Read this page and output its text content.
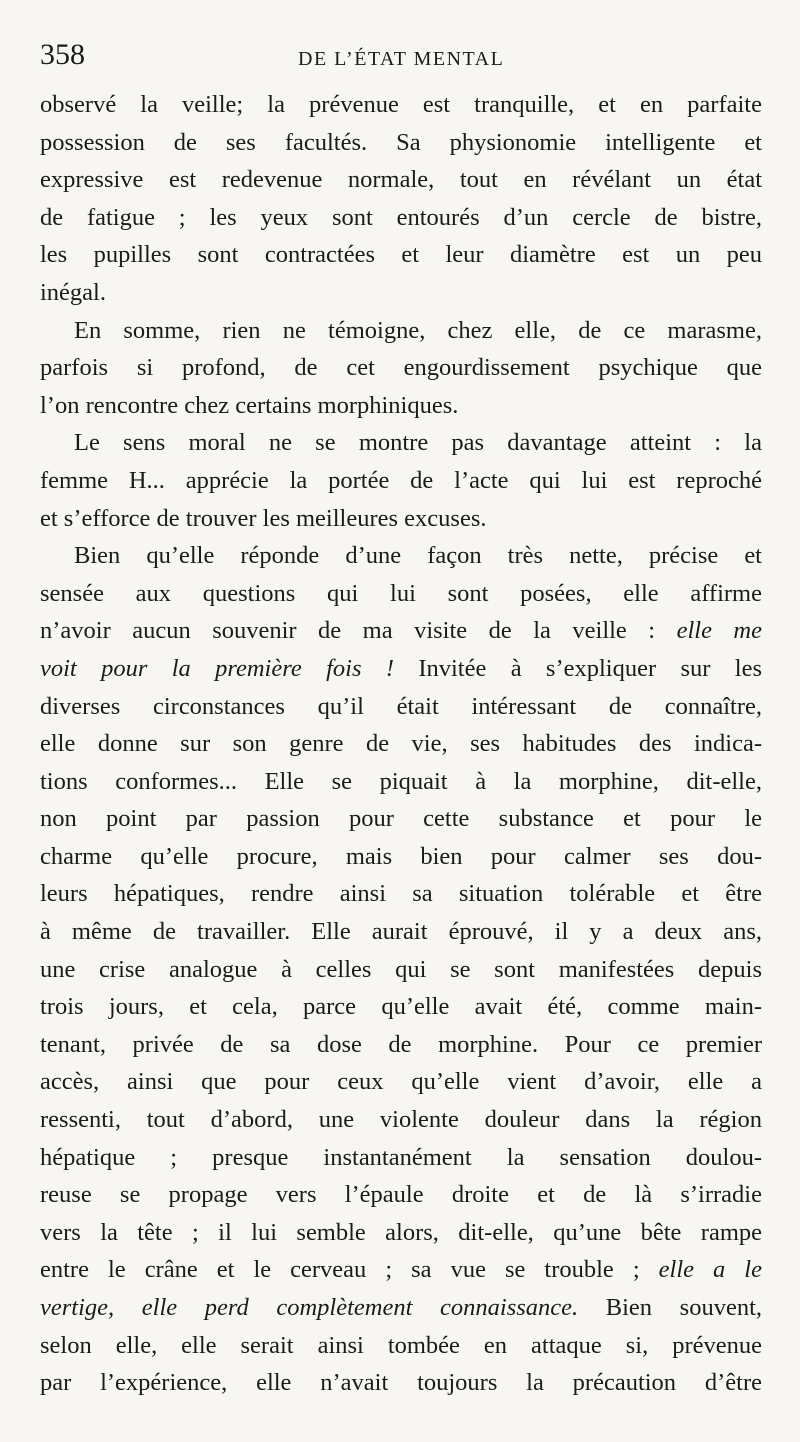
358	DE L’ÉTAT MENTAL
observé la veille; la prévenue est tranquille, et en parfaite
possession de ses facultés. Sa physionomie intelligente et
expressive est redevenue normale, tout en révélant un état
de fatigue ; les yeux sont entourés d’un cercle de bistre,
les pupilles sont contractées et leur diamètre est un peu
inégal.
En somme, rien ne témoigne, chez elle, de ce marasme,
parfois si profond, de cet engourdissement psychique que
l’on rencontre chez certains morphiniques.
Le sens moral ne se montre pas davantage atteint : la
femme H... apprécie la portée de l’acte qui lui est reproché
et s’efforce de trouver les meilleures excuses.
Bien qu’elle réponde d’une façon très nette, précise et
sensée aux questions qui lui sont posées, elle affirme
n’avoir aucun souvenir de ma visite de la veille : elle me
voit pour la première fois ! Invitée à s’expliquer sur les
diverses circonstances qu’il était intéressant de connaître,
elle donne sur son genre de vie, ses habitudes des indica-
tions conformes... Elle se piquait à la morphine, dit-elle,
non point par passion pour cette substance et pour le
charme qu’elle procure, mais bien pour calmer ses dou-
leurs hépatiques, rendre ainsi sa situation tolérable et être
à même de travailler. Elle aurait éprouvé, il y a deux ans,
une crise analogue à celles qui se sont manifestées depuis
trois jours, et cela, parce qu’elle avait été, comme main-
tenant, privée de sa dose de morphine. Pour ce premier
accès, ainsi que pour ceux qu’elle vient d’avoir, elle a
ressenti, tout d’abord, une violente douleur dans la région
hépatique ; presque instantanément la sensation doulou-
reuse se propage vers l’épaule droite et de là s’irradie
vers la tête ; il lui semble alors, dit-elle, qu’une bête rampe
entre le crâne et le cerveau ; sa vue se trouble ; elle a le
vertige, elle perd complètement connaissance. Bien souvent,
selon elle, elle serait ainsi tombée en attaque si, prévenue
par l’expérience, elle n’avait toujours la précaution d’être
